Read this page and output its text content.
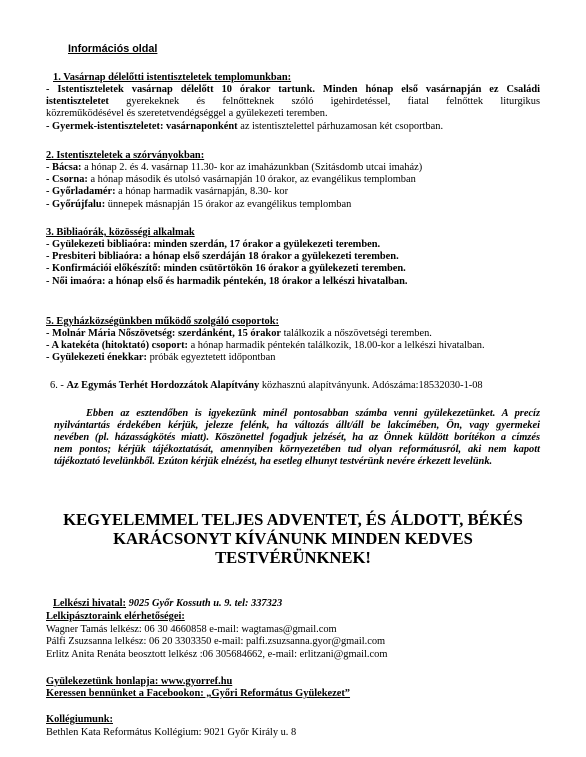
Információs oldal
1. Vasárnap délelőtti istentiszteletek templomunkban:
- Istentiszteletek vasárnap délelőtt 10 órakor tartunk. Minden hónap első vasárnapján ez Családi
istentiszteletet gyerekeknek és felnőtteknek szóló igehirdetéssel, fiatal felnőttek liturgikus
közreműködésével és szeretetvendégséggel a gyülekezeti teremben.
- Gyermek-istentiszteletet: vasárnaponként az istentisztelettel párhuzamosan két csoportban.
2. Istentiszteletek a szórványokban:
- Bácsa: a hónap 2. és 4. vasárnap 11.30- kor az imaházunkban (Szitásdomb utcai imaház)
- Csorna: a hónap második és utolsó vasárnapján 10 órakor, az evangélikus templomban
- Győrladamér: a hónap harmadik vasárnapján, 8.30- kor
- Győrújfalu: ünnepek másnapján 15 órakor az evangélikus templomban
3. Bibliaórák, közösségi alkalmak
- Gyülekezeti bibliaóra: minden szerdán, 17 órakor a gyülekezeti teremben.
- Presbiteri bibliaóra: a hónap első szerdáján 18 órakor a gyülekezeti teremben.
- Konfirmációi előkészítő: minden csütörtökön 16 órakor a gyülekezeti teremben.
- Női imaóra: a hónap első és harmadik péntekén, 18 órakor a lelkészi hivatalban.
5. Egyházközségünkben működő szolgáló csoportok:
- Molnár Mária Nőszövetség: szerdánként, 15 órakor találkozik a nőszövetségi teremben.
- A katekéta (hitoktató) csoport: a hónap harmadik péntekén találkozik, 18.00-kor a lelkészi hivatalban.
- Gyülekezeti énekkar: próbák egyeztetett időpontban
6. - Az Egymás Terhét Hordozzátok Alapítvány közhasznú alapítványunk. Adószáma:18532030-1-08
Ebben az esztendőben is igyekezünk minél pontosabban számba venni gyülekezetünket. A precíz
nyilvántartás érdekében kérjük, jelezze felénk, ha változás állt/áll be lakcímében, Ön, vagy gyermekei
nevében (pl. házasságkötés miatt). Köszönettel fogadjuk jelzését, ha az Önnek küldött borítékon a címzés
nem pontos; kérjük tájékoztatását, amennyiben környezetében tud olyan reformátusról, aki nem kapott
tájékoztató levelünkből. Ezúton kérjük elnézést, ha esetleg elhunyt testvérünk nevére érkezett levelünk.
KEGYELEMMEL TELJES ADVENTET, ÉS ÁLDOTT, BÉKÉS
KARÁCSONYT KÍVÁNUNK MINDEN KEDVES
TESTVÉRÜNKNEK!
Lelkészi hivatal: 9025 Győr Kossuth u. 9. tel: 337323
Lelkipásztoraink elérhetőségei:
Wagner Tamás lelkész: 06 30 4660858 e-mail: wagtamas@gmail.com
Pálfi Zsuzsanna lelkész: 06 20 3303350 e-mail: palfi.zsuzsanna.gyor@gmail.com
Erlitz Anita Renáta beosztott lelkész :06 305684662, e-mail: erlitzani@gmail.com
Gyülekezetünk honlapja: www.gyorref.hu
Keressen bennünket a Facebookon: „Győri Református Gyülekezet”
Kollégiumunk:
Bethlen Kata Református Kollégium: 9021 Győr Király u. 8
